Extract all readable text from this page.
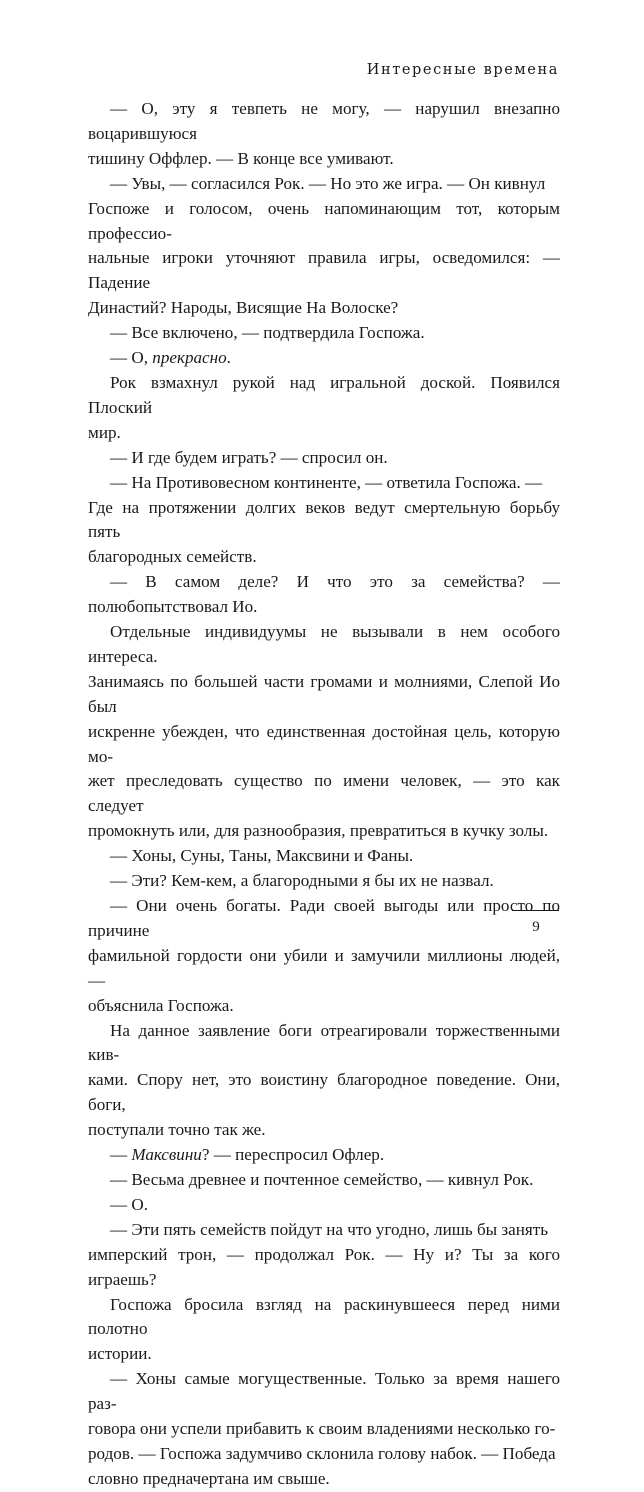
Интересные времена

— О, эту я тевпеть не могу, — нарушил внезапно воцарившуюся
тишину Оффлер. — В конце все умивают.

— Увы, — согласился Рок. — Но это же игра. — Он кивнул
Госпоже и голосом, очень напоминающим тот, которым профессио-
нальные игроки уточняют правила игры, осведомился: — Падение
Династий? Народы, Висящие На Волоске?

— Все включено, — подтвердила Госпожа.

— О, прекрасно.

Рок взмахнул рукой над игральной доской. Появился Плоский
мир.

— И где будем играть? — спросил он.

— На Противовесном континенте, — ответила Госпожа. —
Где на протяжении долгих веков ведут смертельную борьбу пять
благородных семейств.

— В самом деле? И что это за семейства? — полюбопытствовал Ио.

Отдельные индивидуумы не вызывали в нем особого интереса.
Занимаясь по большей части громами и молниями, Слепой Ио был
искренне убежден, что единственная достойная цель, которую мо-
жет преследовать существо по имени человек, — это как следует
промокнуть или, для разнообразия, превратиться в кучку золы.

— Хоны, Суны, Таны, Максвини и Фаны.

— Эти? Кем-кем, а благородными я бы их не назвал.

— Они очень богаты. Ради своей выгоды или просто по причине
фамильной гордости они убили и замучили миллионы людей, —
объяснила Госпожа.

На данное заявление боги отреагировали торжественными кив-
ками. Спору нет, это воистину благородное поведение. Они, боги,
поступали точно так же.

— Максвини? — переспросил Офлер.

— Весьма древнее и почтенное семейство, — кивнул Рок.

— О.

— Эти пять семейств пойдут на что угодно, лишь бы занять
имперский трон, — продолжал Рок. — Ну и? Ты за кого играешь?

Госпожа бросила взгляд на раскинувшееся перед ними полотно
истории.

— Хоны самые могущественные. Только за время нашего раз-
говора они успели прибавить к своим владениями несколько го-
родов. — Госпожа задумчиво склонила голову набок. — Победа
словно предначертана им свыше.

9
